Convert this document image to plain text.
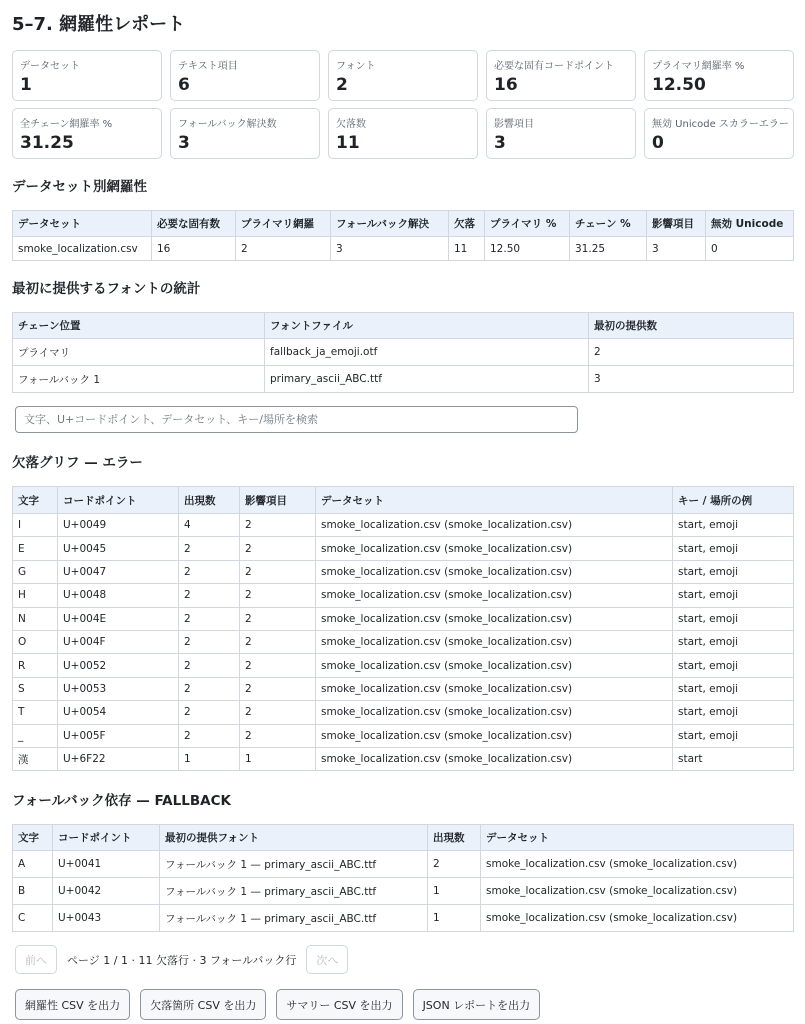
5–7. 網羅性レポート
データセット
1
テキスト項目
6
フォント
2
必要な固有コードポイント
16
プライマリ網羅率 %
12.50
全チェーン網羅率 %
31.25
フォールバック解決数
3
欠落数
11
影響項目
3
無効 Unicode スカラーエラー
0
データセット別網羅性
データセット	必要な固有数	プライマリ網羅	フォールバック解決	欠落	プライマリ %	チェーン %	影響項目	無効 Unicode
smoke_localization.csv	16	2	3	11	12.50	31.25	3	0
最初に提供するフォントの統計
チェーン位置	フォントファイル	最初の提供数
プライマリ	fallback_ja_emoji.otf	2
フォールバック 1	primary_ascii_ABC.ttf	3
文字、U+コードポイント、データセット、キー/場所を検索
欠落グリフ — エラー
文字	コードポイント	出現数	影響項目	データセット	キー / 場所の例
I	U+0049	4	2	smoke_localization.csv (smoke_localization.csv)	start, emoji
E	U+0045	2	2	smoke_localization.csv (smoke_localization.csv)	start, emoji
G	U+0047	2	2	smoke_localization.csv (smoke_localization.csv)	start, emoji
H	U+0048	2	2	smoke_localization.csv (smoke_localization.csv)	start, emoji
N	U+004E	2	2	smoke_localization.csv (smoke_localization.csv)	start, emoji
O	U+004F	2	2	smoke_localization.csv (smoke_localization.csv)	start, emoji
R	U+0052	2	2	smoke_localization.csv (smoke_localization.csv)	start, emoji
S	U+0053	2	2	smoke_localization.csv (smoke_localization.csv)	start, emoji
T	U+0054	2	2	smoke_localization.csv (smoke_localization.csv)	start, emoji
_	U+005F	2	2	smoke_localization.csv (smoke_localization.csv)	start, emoji
漢	U+6F22	1	1	smoke_localization.csv (smoke_localization.csv)	start
フォールバック依存 — FALLBACK
文字	コードポイント	最初の提供フォント	出現数	データセット
A	U+0041	フォールバック 1 — primary_ascii_ABC.ttf	2	smoke_localization.csv (smoke_localization.csv)
B	U+0042	フォールバック 1 — primary_ascii_ABC.ttf	1	smoke_localization.csv (smoke_localization.csv)
C	U+0043	フォールバック 1 — primary_ascii_ABC.ttf	1	smoke_localization.csv (smoke_localization.csv)
前へ	ページ 1 / 1 · 11 欠落行 · 3 フォールバック行	次へ
網羅性 CSV を出力	欠落箇所 CSV を出力	サマリー CSV を出力	JSON レポートを出力
